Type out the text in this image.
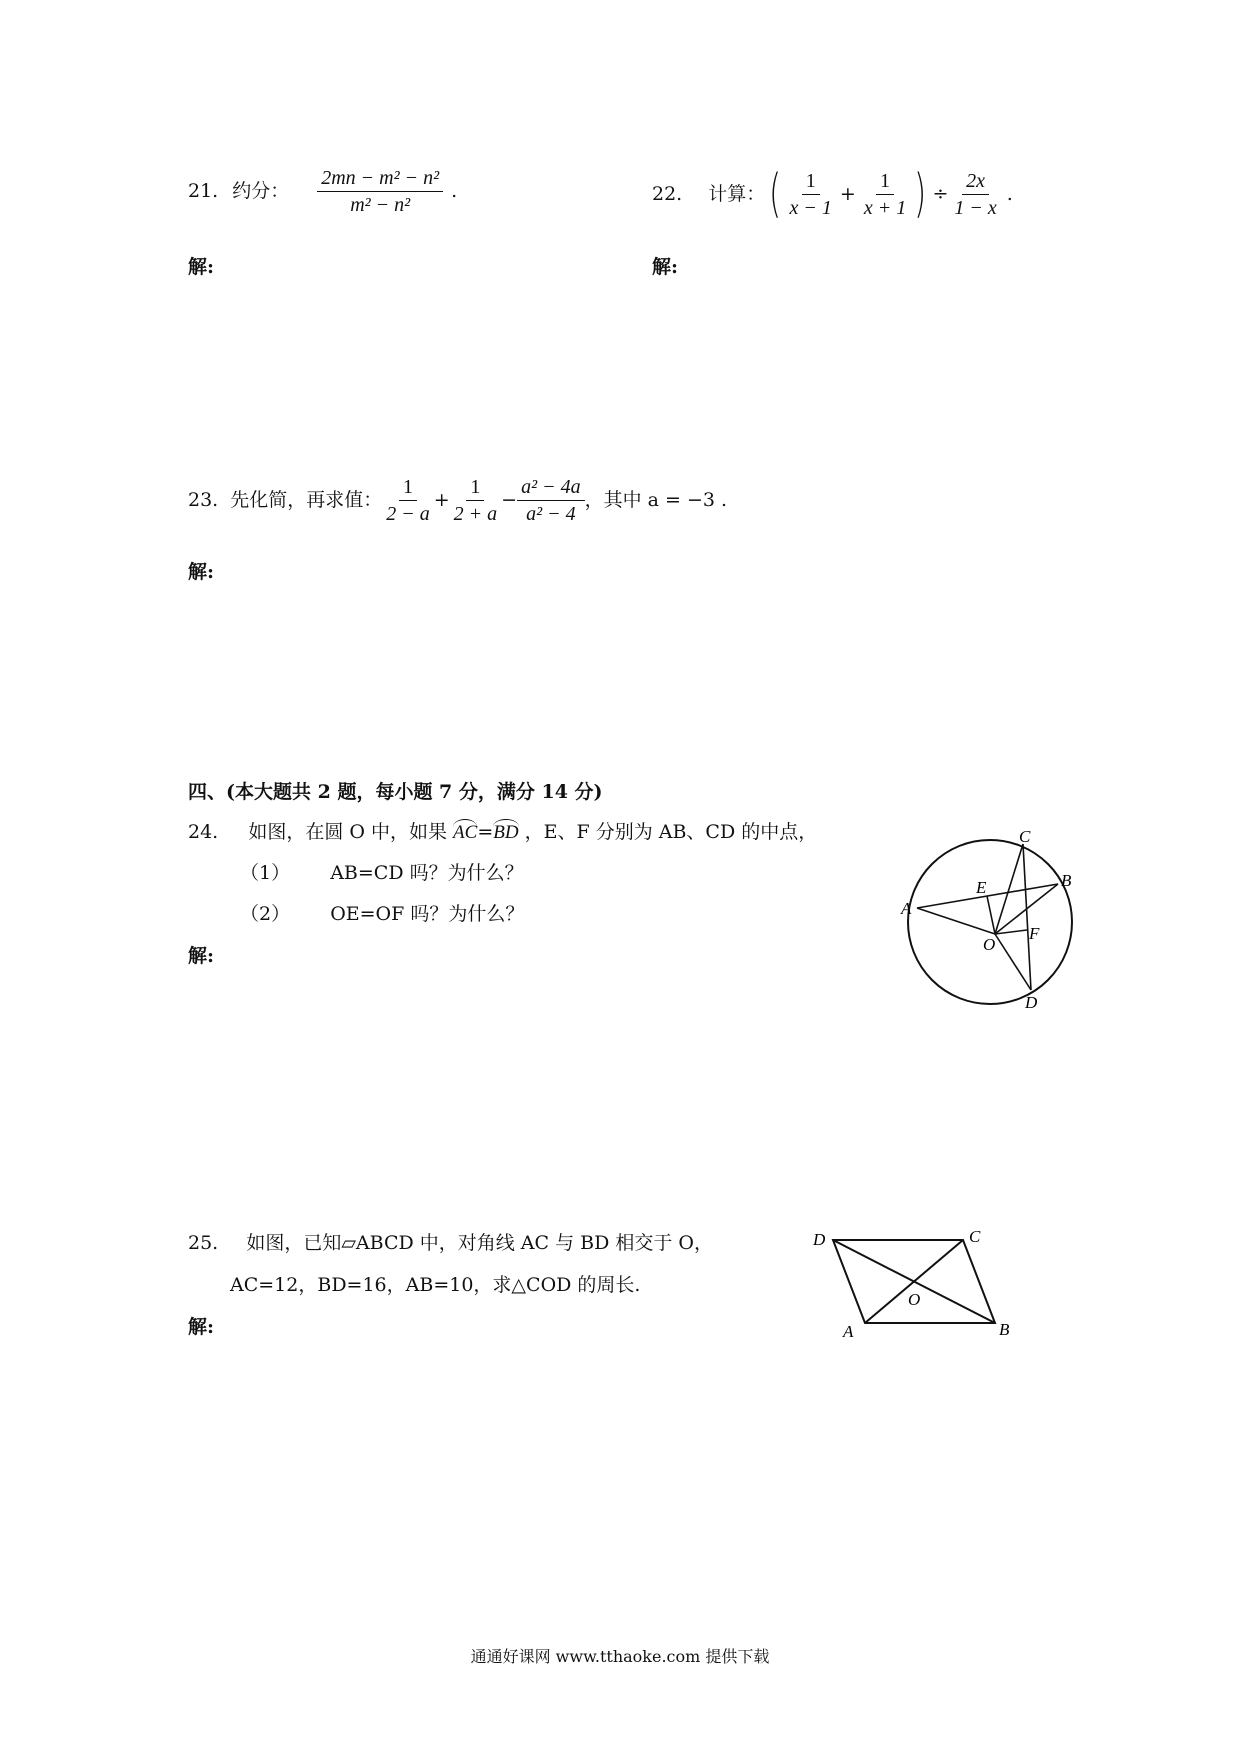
21. 约分： $\frac{\text{2mn − m² − n²}}{\text{m² − n²}}$ .
解:
22. 计算： ( $\frac{1}{x - 1} + \frac{1}{x + 1}$ ) ÷ $\frac{2x}{1 - x}$ .
解:
23. 先化简，再求值： $\frac{1}{2 - a} + \frac{1}{2 + a} - \frac{\text{a² − 4a}}{\text{a² − 4}}$ ，其中 a = −3 .
解:
四、(本大题共 2 题，每小题 7 分，满分 14 分)
24. 如图，在圆 O 中，如果 AC=BD ，E、F 分别为 AB、CD 的中点，
（1） AB=CD 吗？为什么？
（2） OE=OF 吗？为什么？
解:
A
B
C
D
E
F
O
25. 如图，已知▱ABCD 中，对角线 AC 与 BD 相交于 O，
AC=12，BD=16，AB=10，求△COD 的周长.
解:
D	C
B
A
O
通通好课网 www.tthaoke.com 提供下载
